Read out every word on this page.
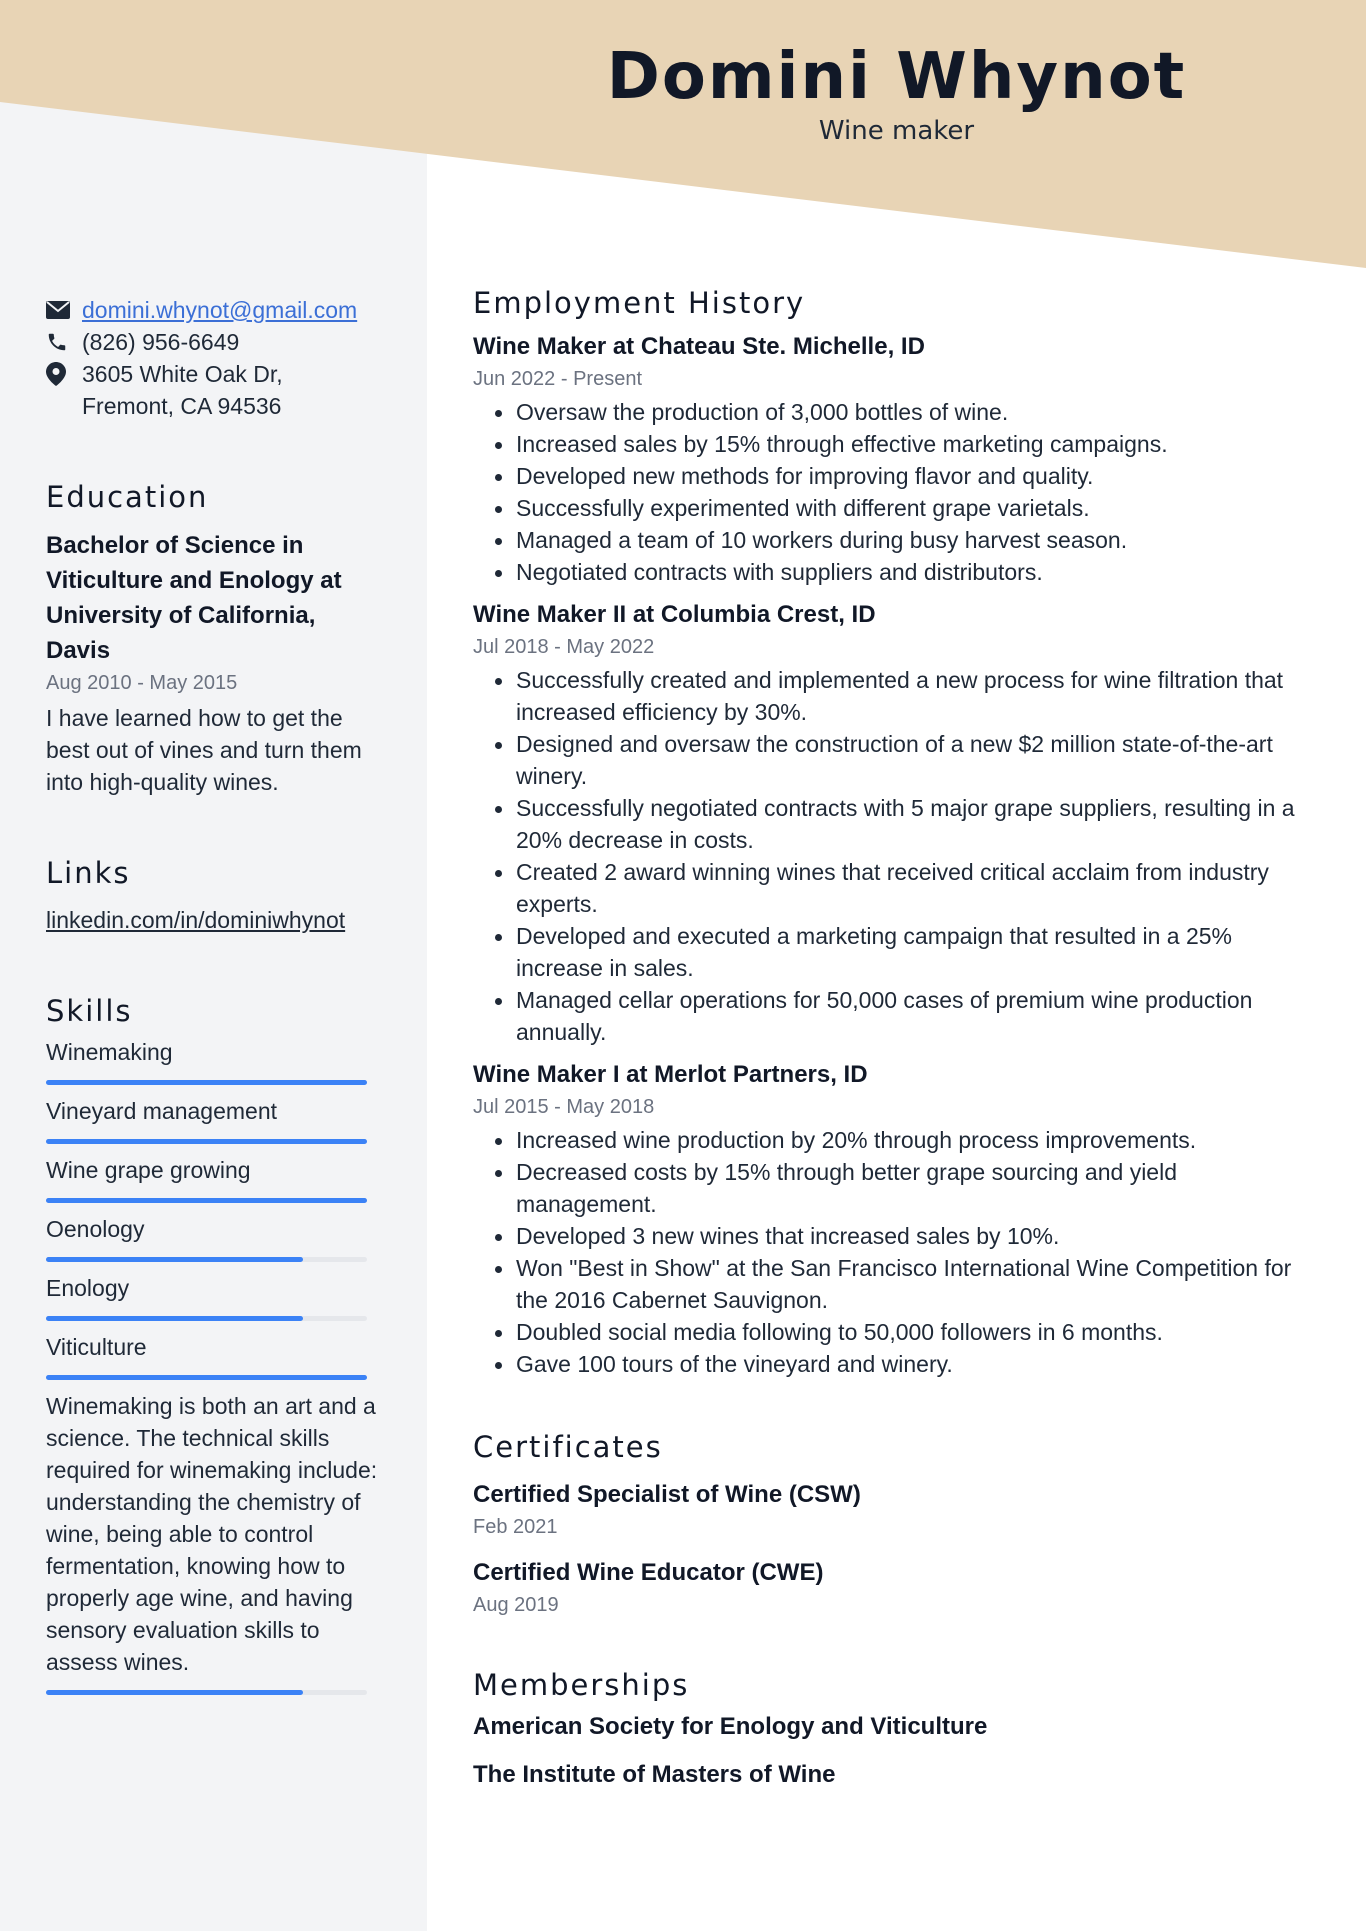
Domini Whynot
Wine maker
domini.whynot@gmail.com
(826) 956-6649
3605 White Oak Dr, Fremont, CA 94536
Education
Bachelor of Science in Viticulture and Enology at University of California, Davis
Aug 2010 - May 2015
I have learned how to get the best out of vines and turn them into high-quality wines.
Links
linkedin.com/in/dominiwhynot
Skills
Winemaking
Vineyard management
Wine grape growing
Oenology
Enology
Viticulture
Winemaking is both an art and a science. The technical skills required for winemaking include: understanding the chemistry of wine, being able to control fermentation, knowing how to properly age wine, and having sensory evaluation skills to assess wines.
Employment History
Wine Maker at Chateau Ste. Michelle, ID
Jun 2022 - Present
Oversaw the production of 3,000 bottles of wine.
Increased sales by 15% through effective marketing campaigns.
Developed new methods for improving flavor and quality.
Successfully experimented with different grape varietals.
Managed a team of 10 workers during busy harvest season.
Negotiated contracts with suppliers and distributors.
Wine Maker II at Columbia Crest, ID
Jul 2018 - May 2022
Successfully created and implemented a new process for wine filtration that increased efficiency by 30%.
Designed and oversaw the construction of a new $2 million state-of-the-art winery.
Successfully negotiated contracts with 5 major grape suppliers, resulting in a 20% decrease in costs.
Created 2 award winning wines that received critical acclaim from industry experts.
Developed and executed a marketing campaign that resulted in a 25% increase in sales.
Managed cellar operations for 50,000 cases of premium wine production annually.
Wine Maker I at Merlot Partners, ID
Jul 2015 - May 2018
Increased wine production by 20% through process improvements.
Decreased costs by 15% through better grape sourcing and yield management.
Developed 3 new wines that increased sales by 10%.
Won "Best in Show" at the San Francisco International Wine Competition for the 2016 Cabernet Sauvignon.
Doubled social media following to 50,000 followers in 6 months.
Gave 100 tours of the vineyard and winery.
Certificates
Certified Specialist of Wine (CSW)
Feb 2021
Certified Wine Educator (CWE)
Aug 2019
Memberships
American Society for Enology and Viticulture
The Institute of Masters of Wine
